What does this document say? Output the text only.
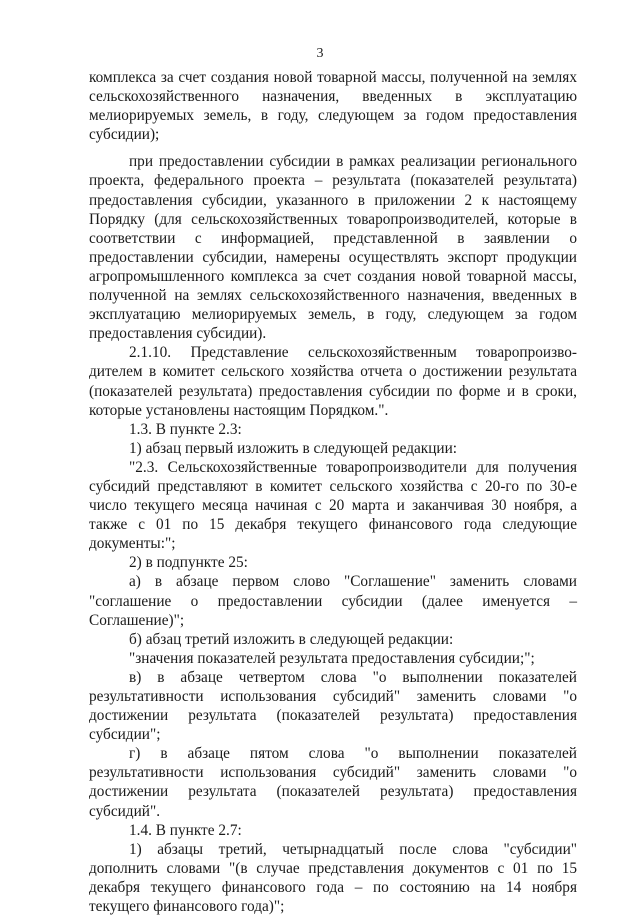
3

комплекса за счет создания новой товарной массы, полученной на землях сельскохозяйственного назначения, введенных в эксплуатацию мелиорируемых земель, в году, следующем за годом предоставления субсидии);

при предоставлении субсидии в рамках реализации регионального проекта, федерального проекта – результата (показателей результата) предоставления субсидии, указанного в приложении 2 к настоящему Порядку (для сельскохозяйственных товаропроизводителей, которые в соответствии с информацией, представленной в заявлении о предоставлении субсидии, намерены осуществлять экспорт продукции агропромышленного комплекса за счет создания новой товарной массы, полученной на землях сельскохозяйственного назначения, введенных в эксплуатацию мелиорируемых земель, в году, следующем за годом предоставления субсидии).

2.1.10. Представление сельскохозяйственным товаропроизво-дителем в комитет сельского хозяйства отчета о достижении результата (показателей результата) предоставления субсидии по форме и в сроки, которые установлены настоящим Порядком.".

1.3. В пункте 2.3:

1) абзац первый изложить в следующей редакции:

"2.3. Сельскохозяйственные товаропроизводители для получения субсидий представляют в комитет сельского хозяйства с 20-го по 30-е число текущего месяца начиная с 20 марта и заканчивая 30 ноября, а также с 01 по 15 декабря текущего финансового года следующие документы:";

2) в подпункте 25:

а) в абзаце первом слово "Соглашение" заменить словами "соглашение о предоставлении субсидии (далее именуется – Соглашение)";

б) абзац третий изложить в следующей редакции:

"значения показателей результата предоставления субсидии;";

в) в абзаце четвертом слова "о выполнении показателей результативности использования субсидий" заменить словами "о достижении результата (показателей результата) предоставления субсидии";

г) в абзаце пятом слова "о выполнении показателей результативности использования субсидий" заменить словами "о достижении результата (показателей результата) предоставления субсидий".

1.4. В пункте 2.7:

1) абзацы третий, четырнадцатый после слова "субсидии" дополнить словами "(в случае представления документов с 01 по 15 декабря текущего финансового года – по состоянию на 14 ноября текущего финансового года)";
